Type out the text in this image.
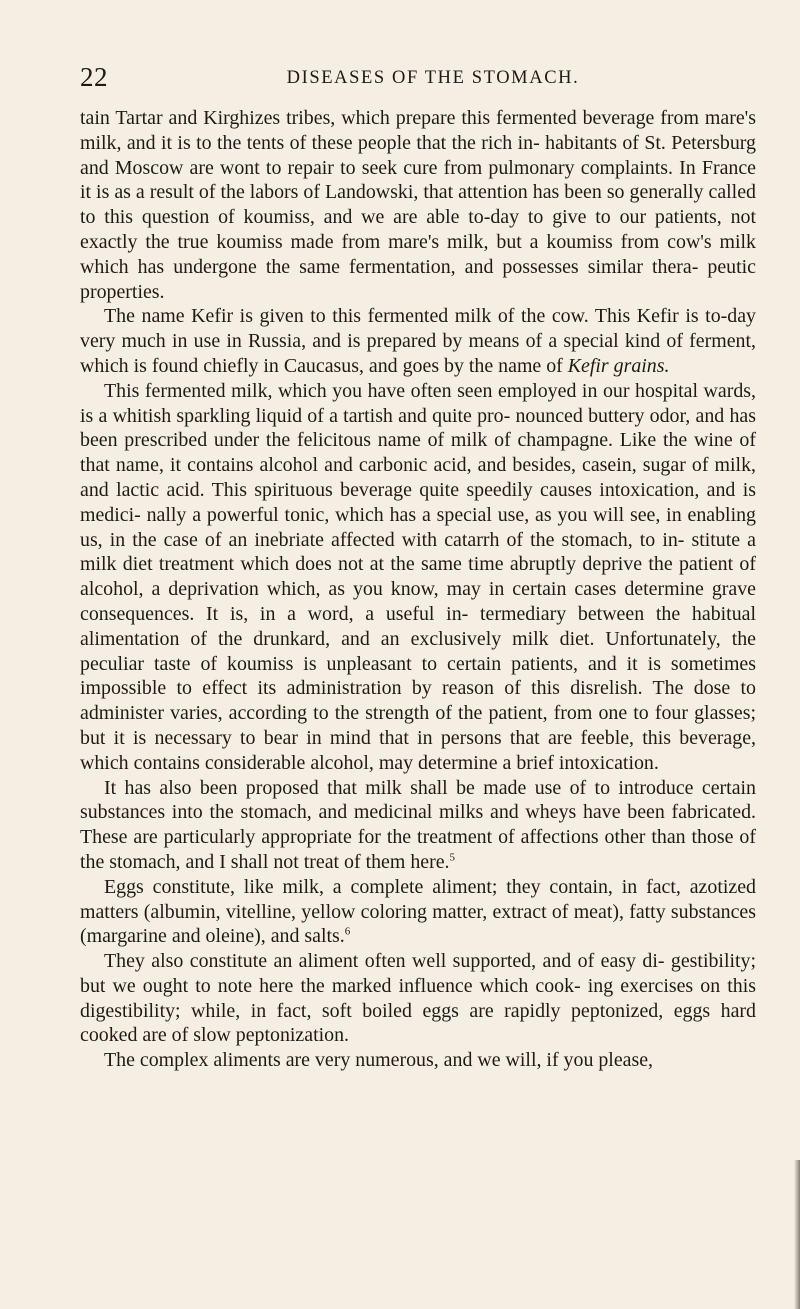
22	DISEASES OF THE STOMACH.

tain Tartar and Kirghizes tribes, which prepare this fermented beverage from mare's milk, and it is to the tents of these people that the rich in- habitants of St. Petersburg and Moscow are wont to repair to seek cure from pulmonary complaints. In France it is as a result of the labors of Landowski, that attention has been so generally called to this question of koumiss, and we are able to-day to give to our patients, not exactly the true koumiss made from mare's milk, but a koumiss from cow's milk which has undergone the same fermentation, and possesses similar thera- peutic properties.

The name Kefir is given to this fermented milk of the cow. This Kefir is to-day very much in use in Russia, and is prepared by means of a special kind of ferment, which is found chiefly in Caucasus, and goes by the name of Kefir grains.

This fermented milk, which you have often seen employed in our hospital wards, is a whitish sparkling liquid of a tartish and quite pro- nounced buttery odor, and has been prescribed under the felicitous name of milk of champagne. Like the wine of that name, it contains alcohol and carbonic acid, and besides, casein, sugar of milk, and lactic acid. This spirituous beverage quite speedily causes intoxication, and is medici- nally a powerful tonic, which has a special use, as you will see, in enabling us, in the case of an inebriate affected with catarrh of the stomach, to in- stitute a milk diet treatment which does not at the same time abruptly deprive the patient of alcohol, a deprivation which, as you know, may in certain cases determine grave consequences. It is, in a word, a useful in- termediary between the habitual alimentation of the drunkard, and an exclusively milk diet. Unfortunately, the peculiar taste of koumiss is unpleasant to certain patients, and it is sometimes impossible to effect its administration by reason of this disrelish. The dose to administer varies, according to the strength of the patient, from one to four glasses; but it is necessary to bear in mind that in persons that are feeble, this beverage, which contains considerable alcohol, may determine a brief intoxication.

It has also been proposed that milk shall be made use of to introduce certain substances into the stomach, and medicinal milks and wheys have been fabricated. These are particularly appropriate for the treatment of affections other than those of the stomach, and I shall not treat of them here.$^5$

Eggs constitute, like milk, a complete aliment; they contain, in fact, azotized matters (albumin, vitelline, yellow coloring matter, extract of meat), fatty substances (margarine and oleine), and salts.$^6$

They also constitute an aliment often well supported, and of easy di- gestibility; but we ought to note here the marked influence which cook- ing exercises on this digestibility; while, in fact, soft boiled eggs are rapidly peptonized, eggs hard cooked are of slow peptonization.

The complex aliments are very numerous, and we will, if you please,
